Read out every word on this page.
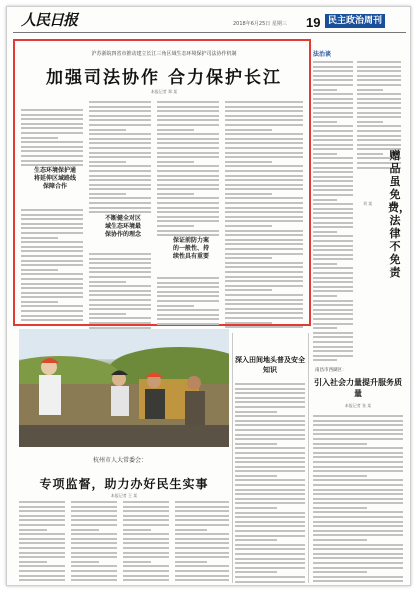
人民日报	2018年6月25日 星期三 19 民主政治周刊
沪苏浙皖四省市推动建立长江三角区域生态环境保护司法协作机制
加强司法协作 合力保护长江
本报记者 郑 某
生态环境保护通将延伸区域路线保障合作
不断健全对区域生态环境最保协作的理念
保证前防力案的一般性、持续性具有重要
法治谈
赠品虽免费，法律不免责
刘 某
杭州市人大常委会：
专项监督，助力办好民生实事
本报记者 王 某
深入田间地头普及安全知识	南昌市西湖区：
引入社会力量提升服务质量
本报记者 张 某
